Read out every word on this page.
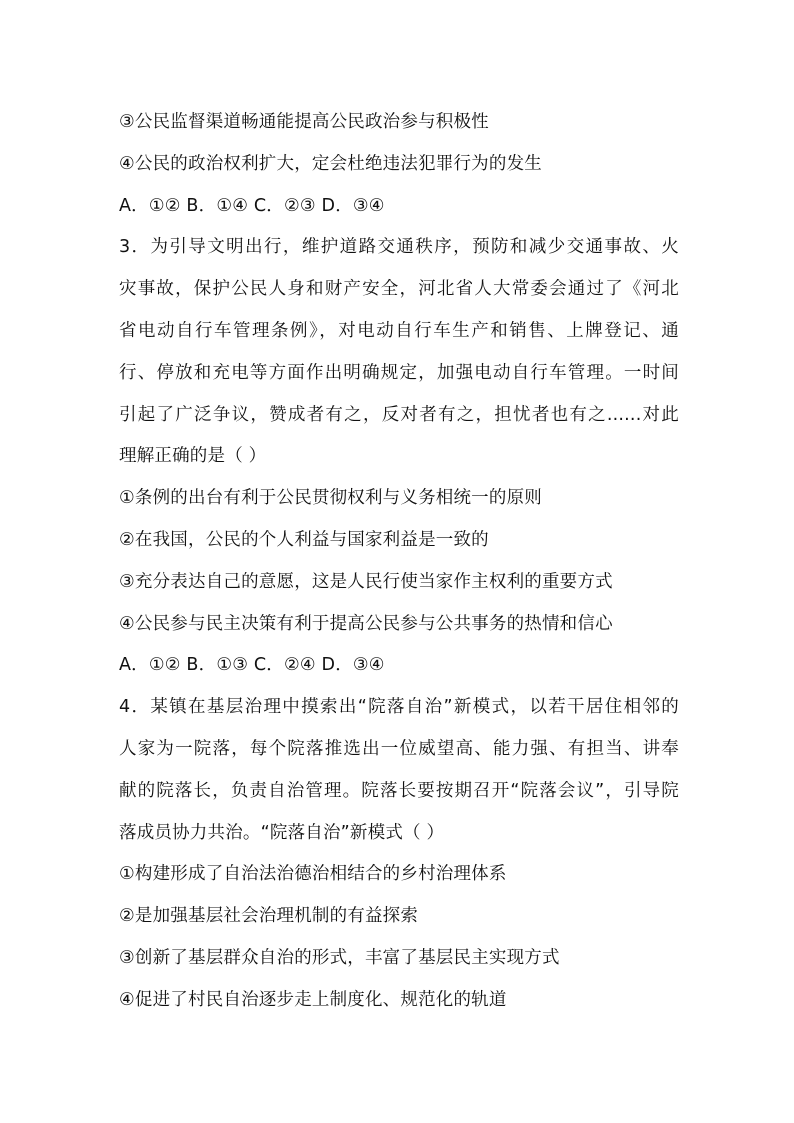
③公民监督渠道畅通能提高公民政治参与积极性
④公民的政治权利扩大，定会杜绝违法犯罪行为的发生
A．①② B．①④ C．②③ D．③④
3．为引导文明出行，维护道路交通秩序，预防和减少交通事故、火
灾事故，保护公民人身和财产安全，河北省人大常委会通过了《河北
省电动自行车管理条例》，对电动自行车生产和销售、上牌登记、通
行、停放和充电等方面作出明确规定，加强电动自行车管理。一时间
引起了广泛争议，赞成者有之，反对者有之，担忧者也有之......对此
理解正确的是（ ）
①条例的出台有利于公民贯彻权利与义务相统一的原则
②在我国，公民的个人利益与国家利益是一致的
③充分表达自己的意愿，这是人民行使当家作主权利的重要方式
④公民参与民主决策有利于提高公民参与公共事务的热情和信心
A．①② B．①③ C．②④ D．③④
4．某镇在基层治理中摸索出“院落自治”新模式，以若干居住相邻的
人家为一院落，每个院落推选出一位威望高、能力强、有担当、讲奉
献的院落长，负责自治管理。院落长要按期召开“院落会议”，引导院
落成员协力共治。“院落自治”新模式（ ）
①构建形成了自治法治德治相结合的乡村治理体系
②是加强基层社会治理机制的有益探索
③创新了基层群众自治的形式，丰富了基层民主实现方式
④促进了村民自治逐步走上制度化、规范化的轨道
